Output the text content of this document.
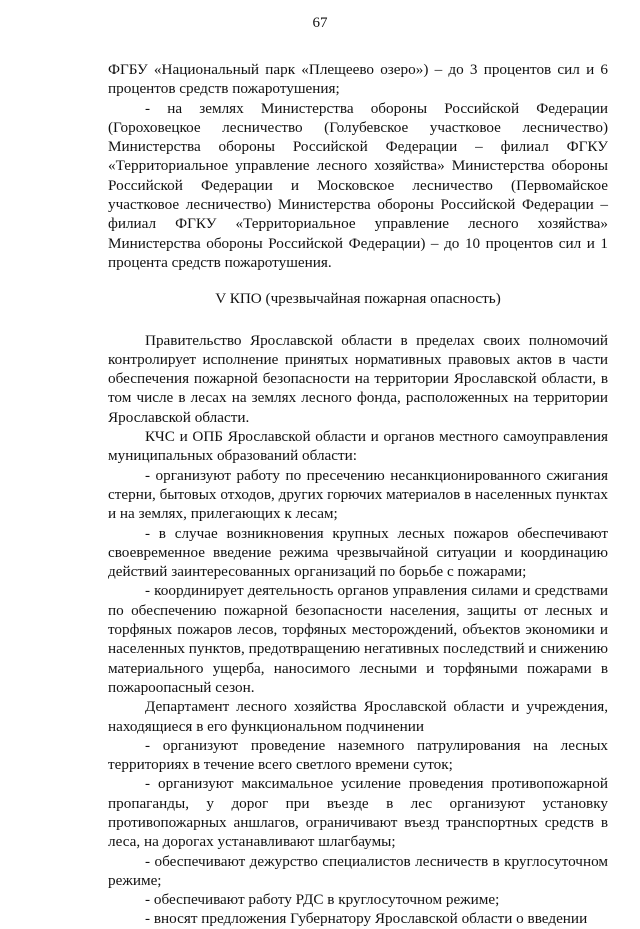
67

ФГБУ «Национальный парк «Плещеево озеро») – до 3 процентов сил и 6 процентов средств пожаротушения;

- на землях Министерства обороны Российской Федерации (Гороховецкое лесничество (Голубевское участковое лесничество) Министерства обороны Российской Федерации – филиал ФГКУ «Территориальное управление лесного хозяйства» Министерства обороны Российской Федерации и Московское лесничество (Первомайское участковое лесничество) Министерства обороны Российской Федерации – филиал ФГКУ «Территориальное управление лесного хозяйства» Министерства обороны Российской Федерации) – до 10 процентов сил и 1 процента средств пожаротушения.

V КПО (чрезвычайная пожарная опасность)

Правительство Ярославской области в пределах своих полномочий контролирует исполнение принятых нормативных правовых актов в части обеспечения пожарной безопасности на территории Ярославской области, в том числе в лесах на землях лесного фонда, расположенных на территории Ярославской области.

КЧС и ОПБ Ярославской области и органов местного самоуправления муниципальных образований области:

- организуют работу по пресечению несанкционированного сжигания стерни, бытовых отходов, других горючих материалов в населенных пунктах и на землях, прилегающих к лесам;

- в случае возникновения крупных лесных пожаров обеспечивают своевременное введение режима чрезвычайной ситуации и координацию действий заинтересованных организаций по борьбе с пожарами;

- координирует деятельность органов управления силами и средствами по обеспечению пожарной безопасности населения, защиты от лесных и торфяных пожаров лесов, торфяных месторождений, объектов экономики и населенных пунктов, предотвращению негативных последствий и снижению материального ущерба, наносимого лесными и торфяными пожарами в пожароопасный сезон.

Департамент лесного хозяйства Ярославской области и учреждения, находящиеся в его функциональном подчинении

- организуют проведение наземного патрулирования на лесных территориях в течение всего светлого времени суток;

- организуют максимальное усиление проведения противопожарной пропаганды, у дорог при въезде в лес организуют установку противопожарных аншлагов, ограничивают въезд транспортных средств в леса, на дорогах устанавливают шлагбаумы;

- обеспечивают дежурство специалистов лесничеств в круглосуточном режиме;

- обеспечивают работу РДС в круглосуточном режиме;

- вносят предложения Губернатору Ярославской области о введении
